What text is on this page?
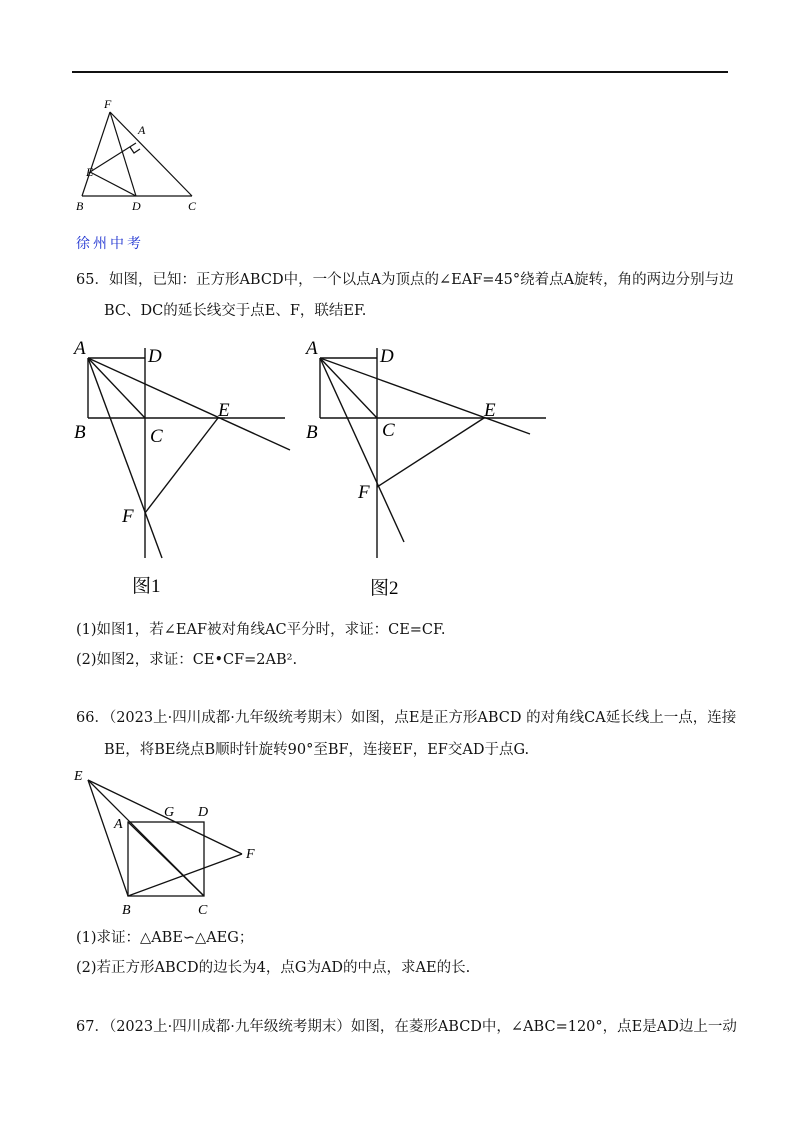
F
A
E
B	D	C
徐州中考
65．如图，已知：正方形ABCD中，一个以点A为顶点的∠EAF=45°绕着点A旋转，角的两边分别与边
BC、DC的延长线交于点E、F，联结EF.
A	D
B	C
E
F
图1
A	D
B	C
E
F
图2
(1)如图1，若∠EAF被对角线AC平分时，求证：CE=CF.
(2)如图2，求证：CE•CF=2AB².
66．（2023上·四川成都·九年级统考期末）如图，点E是正方形ABCD 的对角线CA延长线上一点，连接
BE，将BE绕点B顺时针旋转90°至BF，连接EF，EF交AD于点G.
E
G D
A
F
B	C
(1)求证：△ABE∽△AEG；
(2)若正方形ABCD的边长为4，点G为AD的中点，求AE的长.
67．（2023上·四川成都·九年级统考期末）如图，在菱形ABCD中，∠ABC=120°，点E是AD边上一动
